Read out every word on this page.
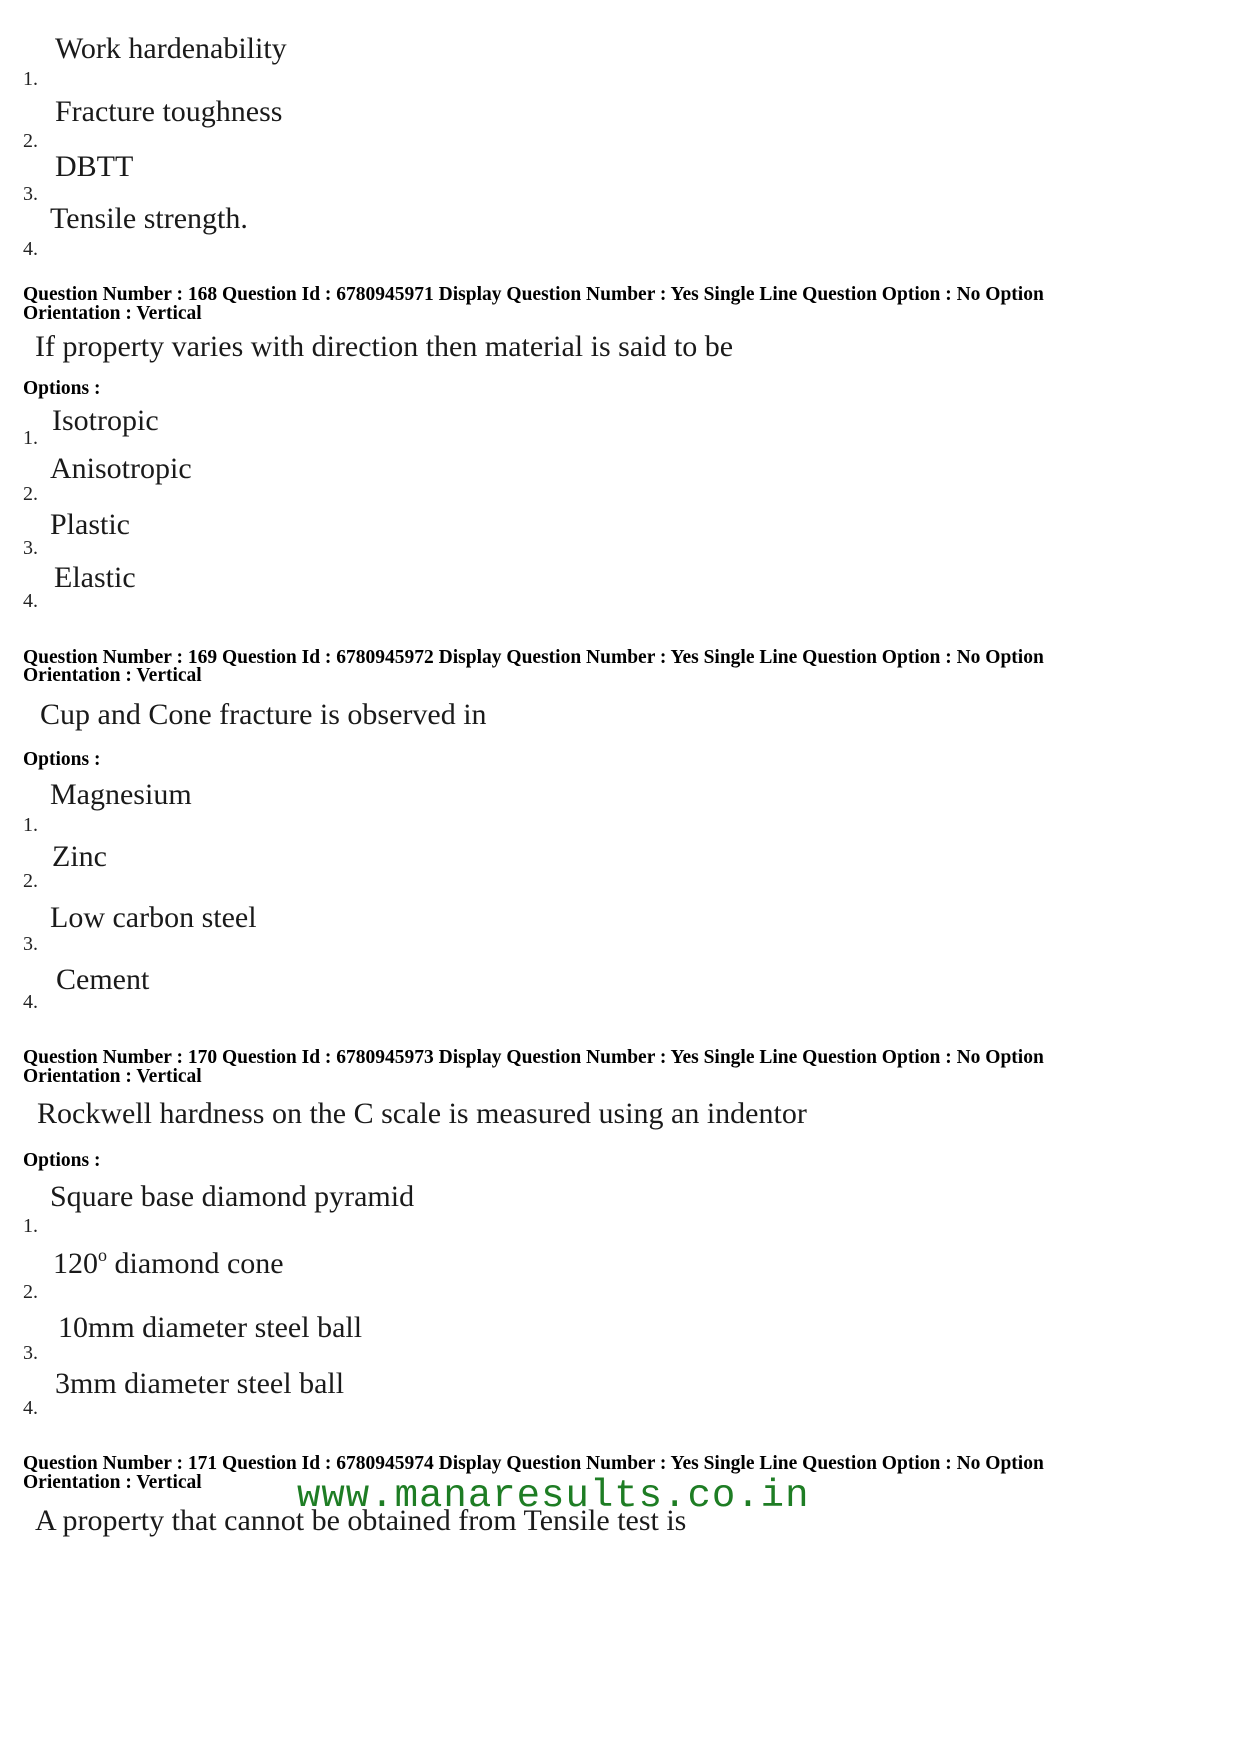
1.
Work hardenability
2.
Fracture toughness
3.
DBTT
4.
Tensile strength.
Question Number : 168 Question Id : 6780945971 Display Question Number : Yes Single Line Question Option : No Option
Orientation : Vertical
If property varies with direction then material is said to be
Options :
1.
Isotropic
2.
Anisotropic
3.
Plastic
4.
Elastic
Question Number : 169 Question Id : 6780945972 Display Question Number : Yes Single Line Question Option : No Option
Orientation : Vertical
Cup and Cone fracture is observed in
Options :
1.
Magnesium
2.
Zinc
3.
Low carbon steel
4.
Cement
Question Number : 170 Question Id : 6780945973 Display Question Number : Yes Single Line Question Option : No Option
Orientation : Vertical
Rockwell hardness on the C scale is measured using an indentor
Options :
1.
Square base diamond pyramid
2.
120$^o$ diamond cone
3.
10mm diameter steel ball
4.
3mm diameter steel ball
Question Number : 171 Question Id : 6780945974 Display Question Number : Yes Single Line Question Option : No Option
Orientation : Vertical www.manaresults.co.in
A property that cannot be obtained from Tensile test is
